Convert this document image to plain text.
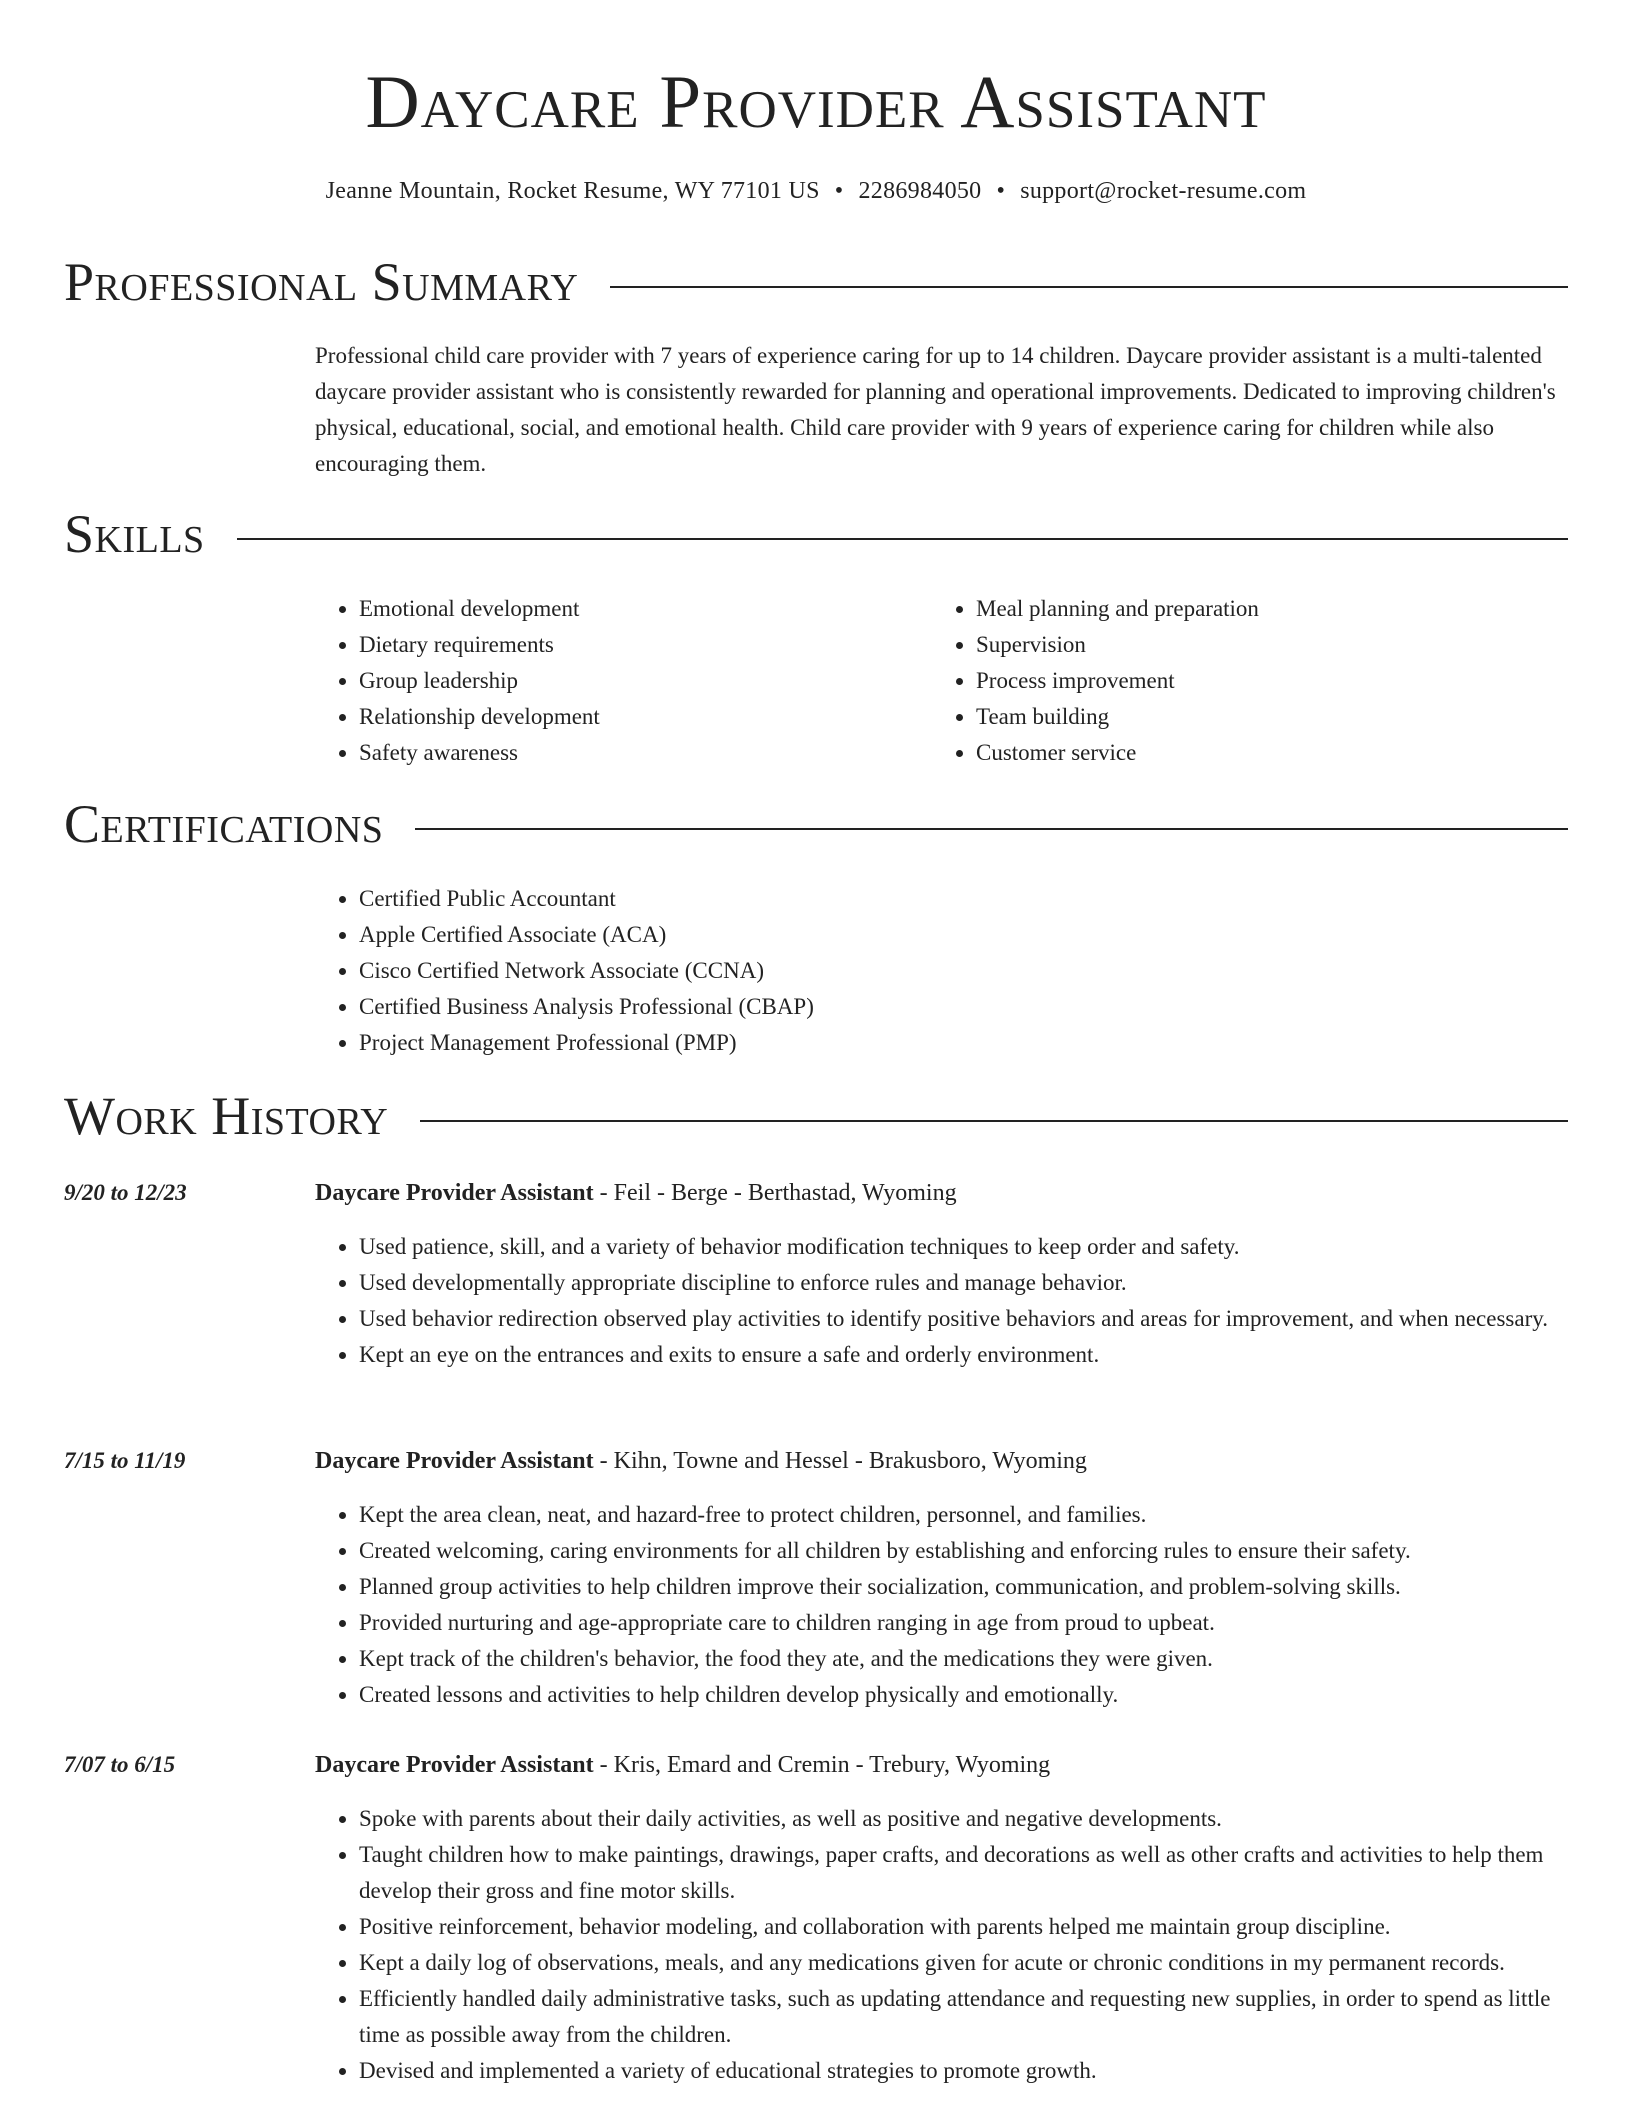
Daycare Provider Assistant
Jeanne Mountain, Rocket Resume, WY 77101 US • 2286984050 • support@rocket-resume.com
Professional Summary
Professional child care provider with 7 years of experience caring for up to 14 children. Daycare provider assistant is a multi-talented daycare provider assistant who is consistently rewarded for planning and operational improvements. Dedicated to improving children's physical, educational, social, and emotional health. Child care provider with 9 years of experience caring for children while also encouraging them.
Skills
• Emotional development
• Dietary requirements
• Group leadership
• Relationship development
• Safety awareness
• Meal planning and preparation
• Supervision
• Process improvement
• Team building
• Customer service
Certifications
• Certified Public Accountant
• Apple Certified Associate (ACA)
• Cisco Certified Network Associate (CCNA)
• Certified Business Analysis Professional (CBAP)
• Project Management Professional (PMP)
Work History
9/20 to 12/23	Daycare Provider Assistant - Feil - Berge - Berthastad, Wyoming
• Used patience, skill, and a variety of behavior modification techniques to keep order and safety.
• Used developmentally appropriate discipline to enforce rules and manage behavior.
• Used behavior redirection observed play activities to identify positive behaviors and areas for improvement, and when necessary.
• Kept an eye on the entrances and exits to ensure a safe and orderly environment.
7/15 to 11/19	Daycare Provider Assistant - Kihn, Towne and Hessel - Brakusboro, Wyoming
• Kept the area clean, neat, and hazard-free to protect children, personnel, and families.
• Created welcoming, caring environments for all children by establishing and enforcing rules to ensure their safety.
• Planned group activities to help children improve their socialization, communication, and problem-solving skills.
• Provided nurturing and age-appropriate care to children ranging in age from proud to upbeat.
• Kept track of the children's behavior, the food they ate, and the medications they were given.
• Created lessons and activities to help children develop physically and emotionally.
7/07 to 6/15	Daycare Provider Assistant - Kris, Emard and Cremin - Trebury, Wyoming
• Spoke with parents about their daily activities, as well as positive and negative developments.
• Taught children how to make paintings, drawings, paper crafts, and decorations as well as other crafts and activities to help them develop their gross and fine motor skills.
• Positive reinforcement, behavior modeling, and collaboration with parents helped me maintain group discipline.
• Kept a daily log of observations, meals, and any medications given for acute or chronic conditions in my permanent records.
• Efficiently handled daily administrative tasks, such as updating attendance and requesting new supplies, in order to spend as little time as possible away from the children.
• Devised and implemented a variety of educational strategies to promote growth.
